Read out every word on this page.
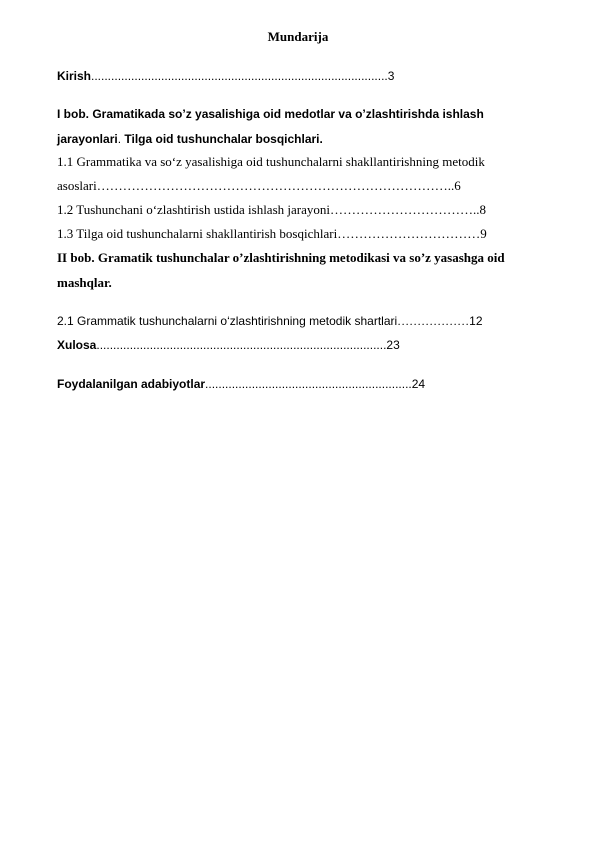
Mundarija
Kirish.........................................................................................3
I bob. Gramatikada so’z yasalishiga oid medotlar va o’zlashtirishda ishlash
jarayonlari. Tilga oid tushunchalar bosqichlari.
1.1 Grammatika va so‘z yasalishiga oid tushunchalarni shakllantirishning metodik
asoslari………………………………………………………………………..6
1.2 Tushunchani o‘zlashtirish ustida ishlash jarayoni……………………………..8
1.3 Tilga oid tushunchalarni shakllantirish bosqichlari……………………………9
II bob. Gramatik tushunchalar o’zlashtirishning metodikasi va so’z yasashga oid
mashqlar.
2.1 Grammatik tushunchalarni o‘zlashtirishning metodik shartlari………………12
Xulosa.......................................................................................23
Foydalanilgan adabiyotlar..............................................................24
